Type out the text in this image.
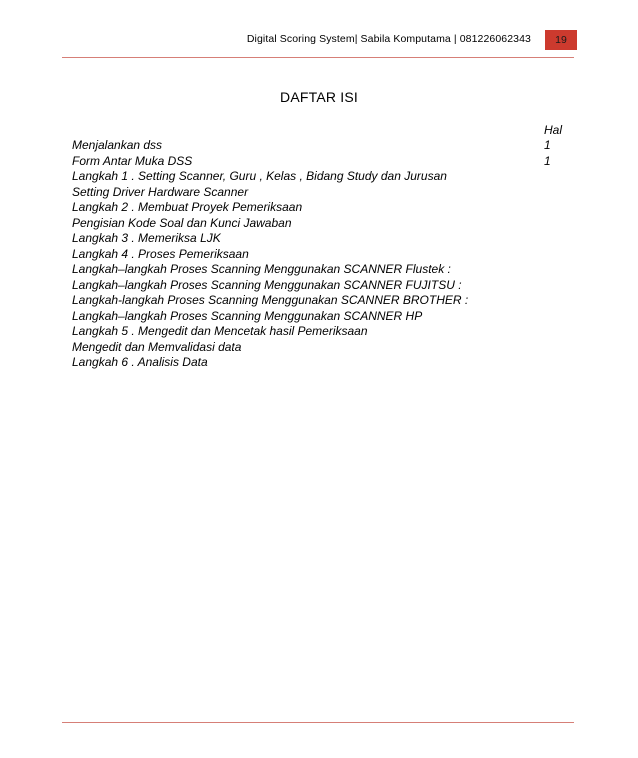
Digital Scoring System| Sabila Komputama | 081226062343	19
DAFTAR ISI
Hal
Menjalankan dss	1
Form Antar Muka DSS	1
Langkah 1 . Setting Scanner, Guru , Kelas , Bidang Study dan Jurusan
Setting Driver Hardware Scanner
Langkah 2 . Membuat Proyek Pemeriksaan
Pengisian Kode Soal dan Kunci Jawaban
Langkah 3 . Memeriksa LJK
Langkah 4 . Proses Pemeriksaan
Langkah–langkah Proses Scanning Menggunakan SCANNER Flustek :
Langkah–langkah Proses Scanning Menggunakan SCANNER FUJITSU :
Langkah-langkah Proses Scanning Menggunakan SCANNER BROTHER :
Langkah–langkah Proses Scanning Menggunakan SCANNER HP
Langkah 5 . Mengedit dan Mencetak hasil Pemeriksaan
Mengedit dan Memvalidasi data
Langkah 6 . Analisis Data
